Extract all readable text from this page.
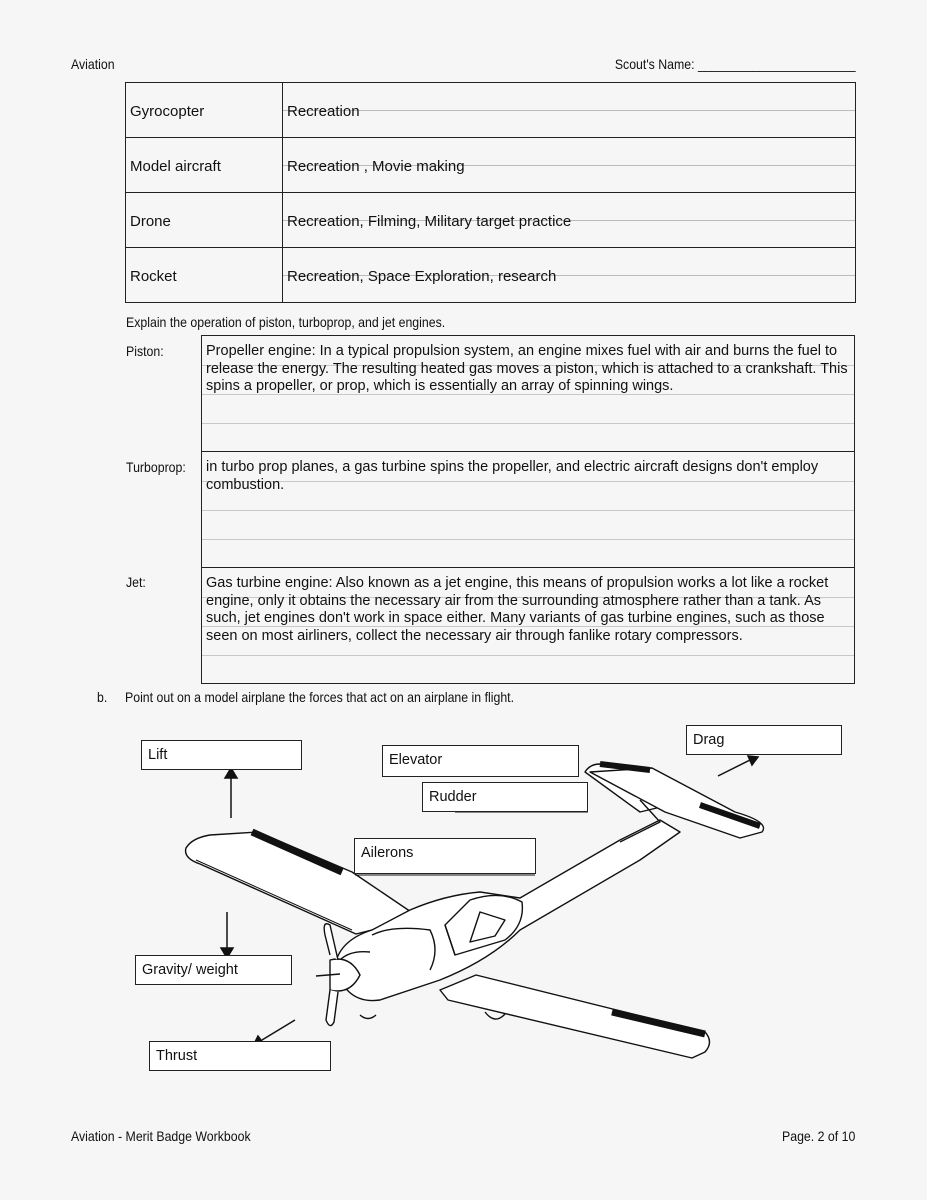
Aviation	Scout's Name: _______________________
Gyrocopter	Recreation

Model aircraft	Recreation , Movie making

Drone	Recreation, Filming, Military target practice

Rocket	Recreation, Space Exploration, research
Explain the operation of piston, turboprop, and jet engines.
Piston:	Propeller engine: In a typical propulsion system, an engine mixes fuel with air and burns the fuel to release the energy. The resulting heated gas moves a piston, which is attached to a crankshaft. This spins a propeller, or prop, which is essentially an array of spinning wings.
Turboprop: in turbo prop planes, a gas turbine spins the propeller, and electric aircraft designs don't employ combustion.
Jet:	Gas turbine engine: Also known as a jet engine, this means of propulsion works a lot like a rocket engine, only it obtains the necessary air from the surrounding atmosphere rather than a tank. As such, jet engines don't work in space either. Many variants of gas turbine engines, such as those seen on most airliners, collect the necessary air through fanlike rotary compressors.
b. Point out on a model airplane the forces that act on an airplane in flight.
Lift	Elevator
Drag
Rudder
Ailerons
Gravity/ weight
Thrust
Aviation - Merit Badge Workbook	Page. 2 of 10
